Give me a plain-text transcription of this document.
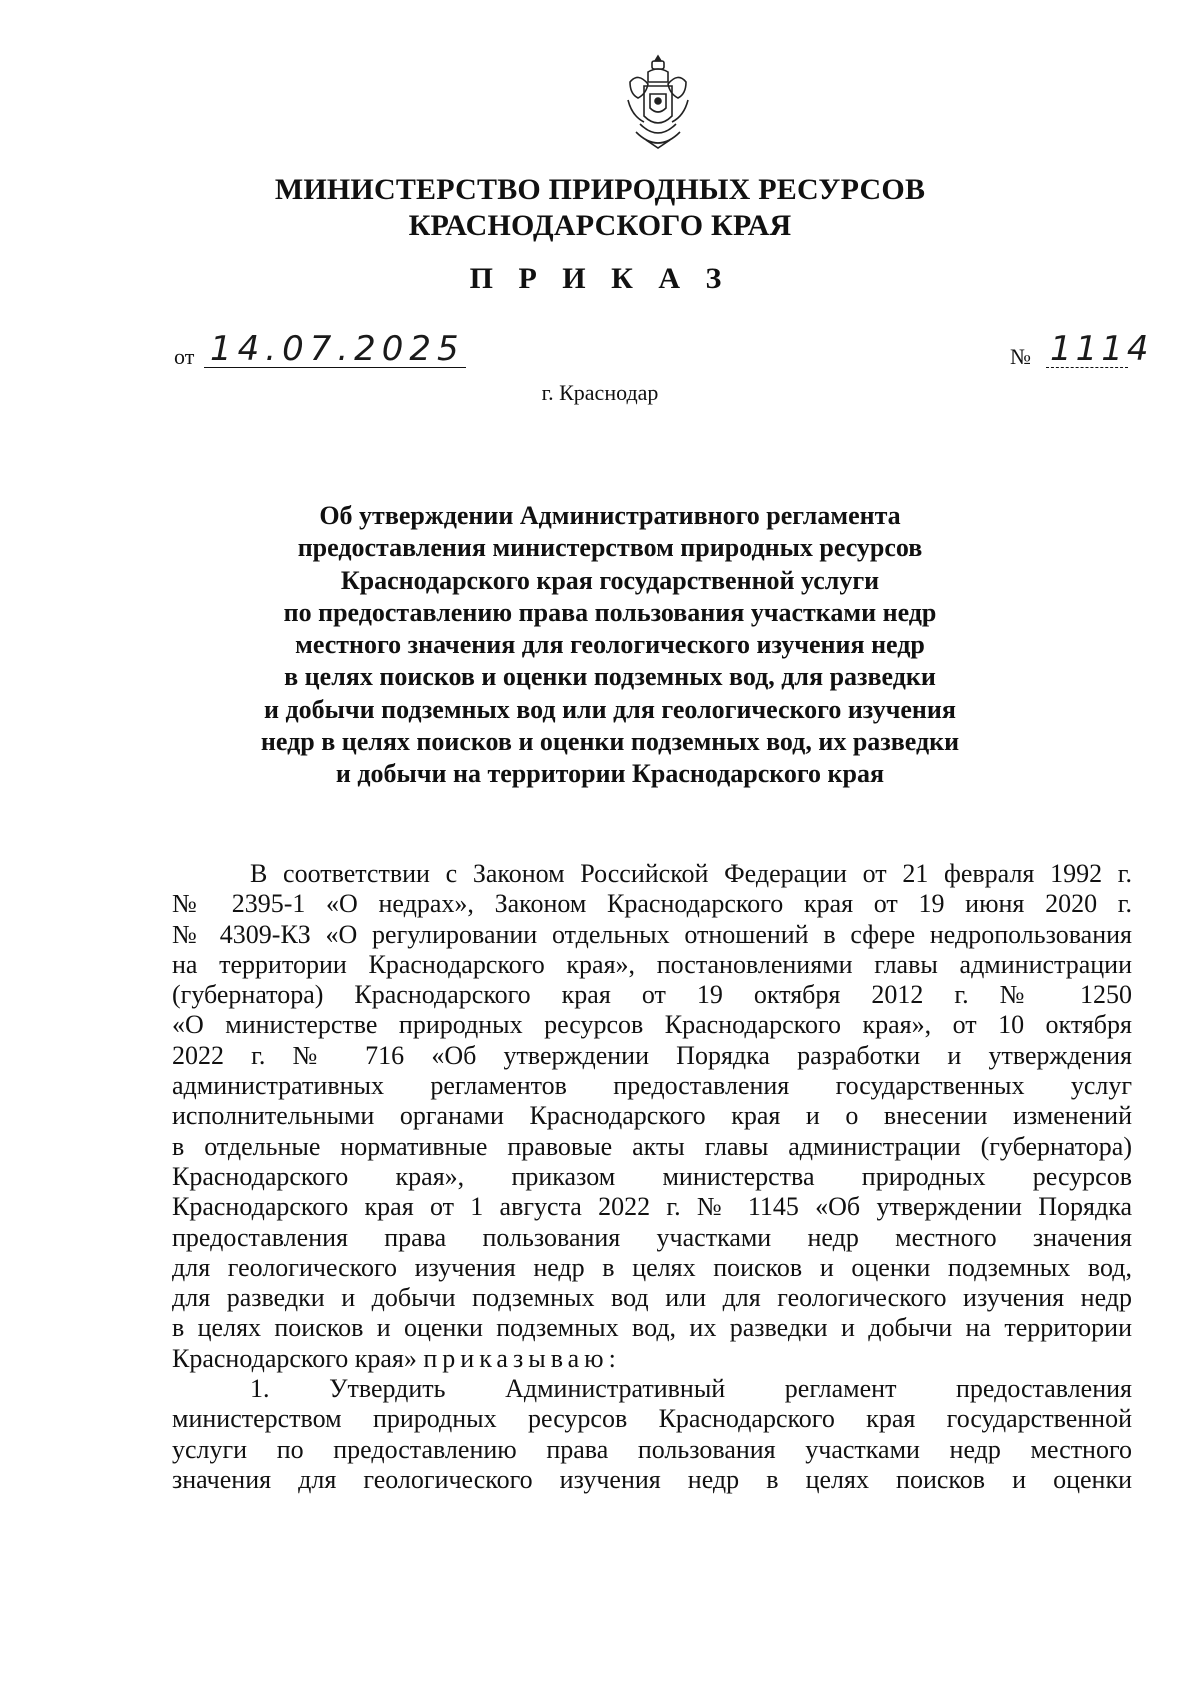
МИНИСТЕРСТВО ПРИРОДНЫХ РЕСУРСОВ
КРАСНОДАРСКОГО КРАЯ
П Р И К А З
от 14.07.2025	№ 1114
г. Краснодар
Об утверждении Административного регламента
предоставления министерством природных ресурсов
Краснодарского края государственной услуги
по предоставлению права пользования участками недр
местного значения для геологического изучения недр
в целях поисков и оценки подземных вод, для разведки
и добычи подземных вод или для геологического изучения
недр в целях поисков и оценки подземных вод, их разведки
и добычи на территории Краснодарского края
В соответствии с Законом Российской Федерации от 21 февраля 1992 г.
№ 2395-1 «О недрах», Законом Краснодарского края от 19 июня 2020 г.
№ 4309-КЗ «О регулировании отдельных отношений в сфере недропользования
на территории Краснодарского края», постановлениями главы администрации
(губернатора) Краснодарского края от 19 октября 2012 г. № 1250
«О министерстве природных ресурсов Краснодарского края», от 10 октября
2022 г. № 716 «Об утверждении Порядка разработки и утверждения
административных регламентов предоставления государственных услуг
исполнительными органами Краснодарского края и о внесении изменений
в отдельные нормативные правовые акты главы администрации (губернатора)
Краснодарского края», приказом министерства природных ресурсов
Краснодарского края от 1 августа 2022 г. № 1145 «Об утверждении Порядка
предоставления права пользования участками недр местного значения
для геологического изучения недр в целях поисков и оценки подземных вод,
для разведки и добычи подземных вод или для геологического изучения недр
в целях поисков и оценки подземных вод, их разведки и добычи на территории
Краснодарского края» приказываю:
1. Утвердить Административный регламент предоставления
министерством природных ресурсов Краснодарского края государственной
услуги по предоставлению права пользования участками недр местного
значения для геологического изучения недр в целях поисков и оценки
